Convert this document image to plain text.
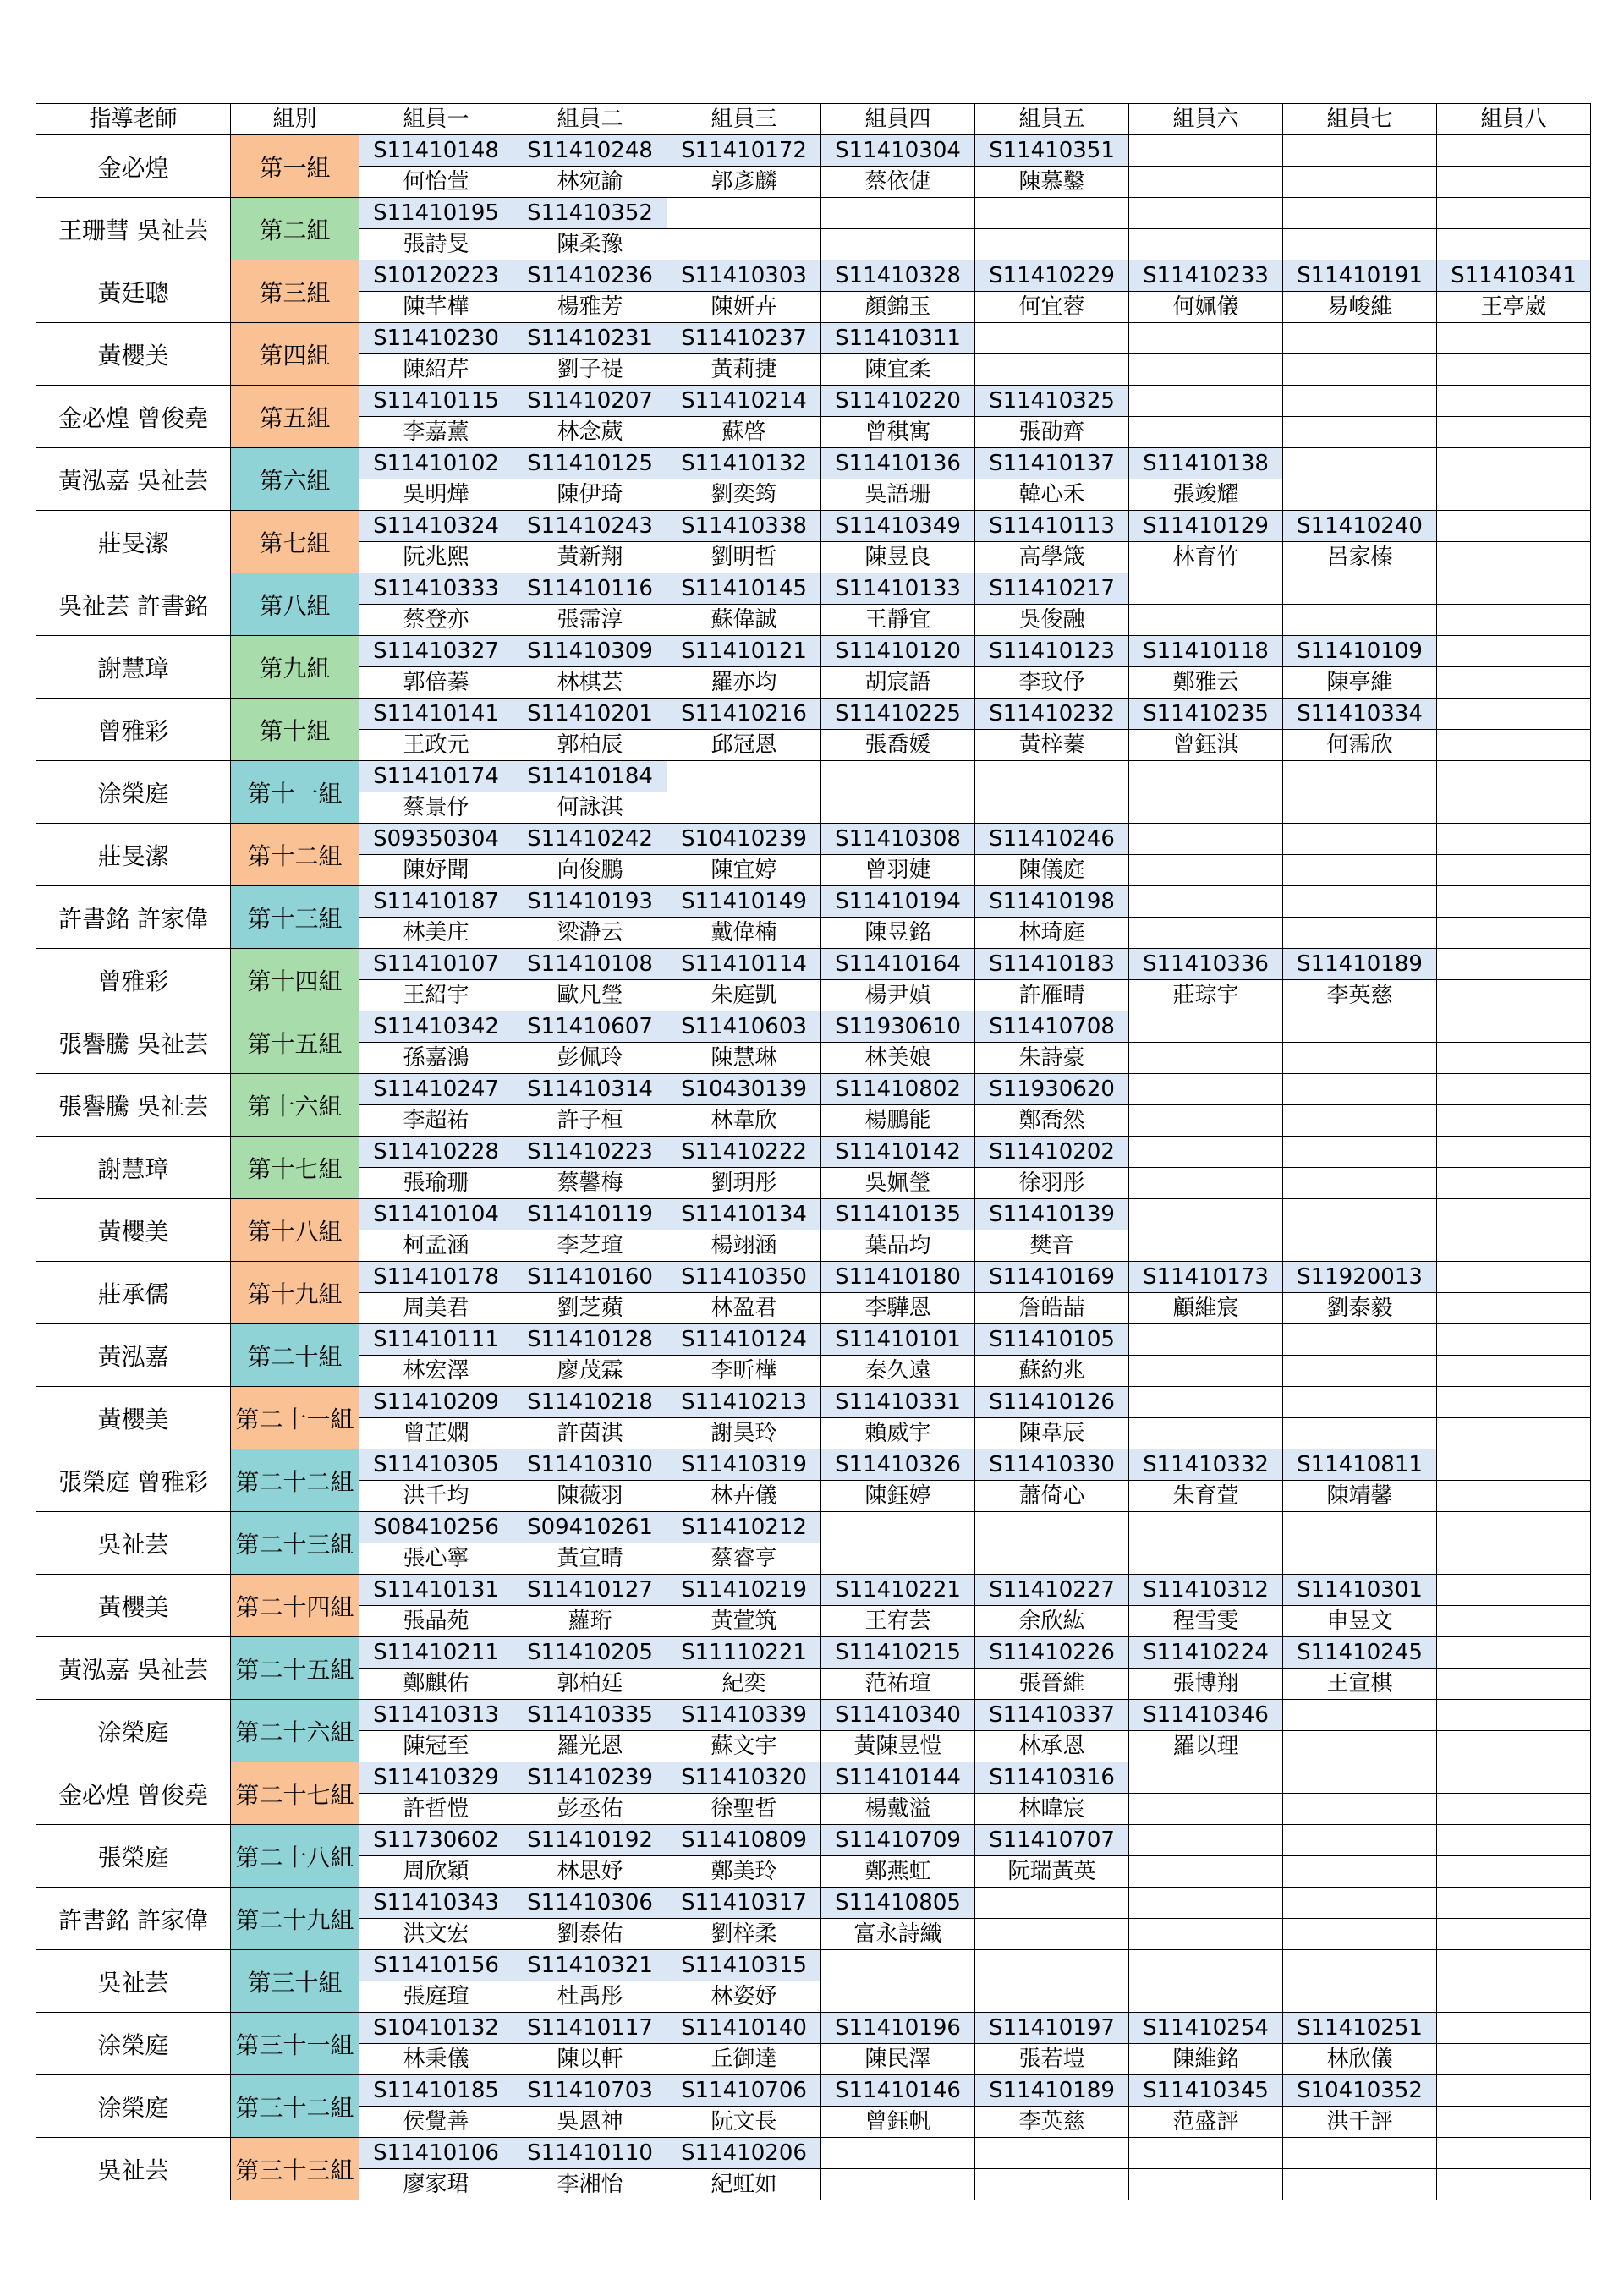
指導老師	組別	組員一	組員二	組員三	組員四	組員五	組員六	組員七	組員八
金必煌	第一組	S11410148	S11410248	S11410172	S11410304	S11410351			
		何怡萱	林宛諭	郭彥麟	蔡依倢	陳慕鑿			
王珊彗 吳祉芸	第二組	S11410195	S11410352						
		張詩旻	陳柔豫						
黃廷聰	第三組	S10120223	S11410236	S11410303	S11410328	S11410229	S11410233	S11410191	S11410341
		陳芊樺	楊雅芳	陳妍卉	顏錦玉	何宜蓉	何姵儀	易峻維	王亭崴
黃櫻美	第四組	S11410230	S11410231	S11410237	S11410311				
		陳紹芹	劉子禔	黃莉捷	陳宜柔				
金必煌 曾俊堯	第五組	S11410115	S11410207	S11410214	S11410220	S11410325			
		李嘉薰	林念葳	蘇啓	曾稘寓	張劭齊			
黃泓嘉 吳祉芸	第六組	S11410102	S11410125	S11410132	S11410136	S11410137	S11410138		
		吳明燁	陳伊琦	劉奕筠	吳語珊	韓心禾	張竣耀		
莊旻潔	第七組	S11410324	S11410243	S11410338	S11410349	S11410113	S11410129	S11410240	
		阮兆熙	黃新翔	劉明哲	陳昱良	高學箴	林育竹	呂家榛	
吳祉芸 許書銘	第八組	S11410333	S11410116	S11410145	S11410133	S11410217			
		蔡登亦	張霈淳	蘇偉誠	王靜宜	吳俊融			
謝慧璋	第九組	S11410327	S11410309	S11410121	S11410120	S11410123	S11410118	S11410109	
		郭倍蓁	林棋芸	羅亦均	胡宸語	李玟伃	鄭雅云	陳亭維	
曾雅彩	第十組	S11410141	S11410201	S11410216	S11410225	S11410232	S11410235	S11410334	
		王政元	郭柏辰	邱冠恩	張喬媛	黃梓蓁	曾鈺淇	何霈欣	
涂榮庭	第十一組	S11410174	S11410184						
		蔡景伃	何詠淇						
莊旻潔	第十二組	S09350304	S11410242	S10410239	S11410308	S11410246			
		陳妤聞	向俊鵬	陳宜婷	曾羽婕	陳儀庭			
許書銘 許家偉	第十三組	S11410187	S11410193	S11410149	S11410194	S11410198			
		林美庄	梁瀞云	戴偉楠	陳昱銘	林琦庭			
曾雅彩	第十四組	S11410107	S11410108	S11410114	S11410164	S11410183	S11410336	S11410189	
		王紹宇	歐凡瑩	朱庭凱	楊尹媜	許雁晴	莊琮宇	李英慈	
張譽騰 吳祉芸	第十五組	S11410342	S11410607	S11410603	S11930610	S11410708			
		孫嘉鴻	彭佩玲	陳慧琳	林美娘	朱詩豪			
張譽騰 吳祉芸	第十六組	S11410247	S11410314	S10430139	S11410802	S11930620			
		李超祐	許子桓	林韋欣	楊鵬能	鄭喬然			
謝慧璋	第十七組	S11410228	S11410223	S11410222	S11410142	S11410202			
		張瑜珊	蔡馨梅	劉玥彤	吳姵瑩	徐羽彤			
黃櫻美	第十八組	S11410104	S11410119	S11410134	S11410135	S11410139			
		柯孟涵	李芝瑄	楊翊涵	葉品均	樊音			
莊承儒	第十九組	S11410178	S11410160	S11410350	S11410180	S11410169	S11410173	S11920013	
		周美君	劉芝蘋	林盈君	李驊恩	詹皓喆	顧維宸	劉泰毅	
黃泓嘉	第二十組	S11410111	S11410128	S11410124	S11410101	S11410105			
		林宏澤	廖茂霖	李昕樺	秦久遠	蘇約兆			
黃櫻美	第二十一組	S11410209	S11410218	S11410213	S11410331	S11410126			
		曾芷嫻	許茵淇	謝昊玲	賴威宇	陳韋辰			
張榮庭 曾雅彩	第二十二組	S11410305	S11410310	S11410319	S11410326	S11410330	S11410332	S11410811	
		洪千均	陳薇羽	林卉儀	陳鈺婷	蕭倚心	朱育萱	陳靖馨	
吳祉芸	第二十三組	S08410256	S09410261	S11410212					
		張心寧	黃宣晴	蔡睿亨					
黃櫻美	第二十四組	S11410131	S11410127	S11410219	S11410221	S11410227	S11410312	S11410301	
		張晶苑	蘿珩	黃萱筑	王宥芸	余欣紘	程雪雯	申昱文	
黃泓嘉 吳祉芸	第二十五組	S11410211	S11410205	S11110221	S11410215	S11410226	S11410224	S11410245	
		鄭麒佑	郭柏廷	紀奕	范祐瑄	張晉維	張博翔	王宣棋	
涂榮庭	第二十六組	S11410313	S11410335	S11410339	S11410340	S11410337	S11410346		
		陳冠至	羅光恩	蘇文宇	黃陳昱愷	林承恩	羅以理		
金必煌 曾俊堯	第二十七組	S11410329	S11410239	S11410320	S11410144	S11410316			
		許哲愷	彭丞佑	徐聖哲	楊戴溢	林暐宸			
張榮庭	第二十八組	S11730602	S11410192	S11410809	S11410709	S11410707			
		周欣穎	林思妤	鄭美玲	鄭燕虹	阮瑞黃英			
許書銘 許家偉	第二十九組	S11410343	S11410306	S11410317	S11410805				
		洪文宏	劉泰佑	劉梓柔	富永詩織				
吳祉芸	第三十組	S11410156	S11410321	S11410315					
		張庭瑄	杜禹彤	林姿妤					
涂榮庭	第三十一組	S10410132	S11410117	S11410140	S11410196	S11410197	S11410254	S11410251	
		林秉儀	陳以軒	丘御達	陳民澤	張若塏	陳維銘	林欣儀	
涂榮庭	第三十二組	S11410185	S11410703	S11410706	S11410146	S11410189	S11410345	S10410352	
		侯覺善	吳恩神	阮文長	曾鈺帆	李英慈	范盛評	洪千評	
吳祉芸	第三十三組	S11410106	S11410110	S11410206					
		廖家珺	李湘怡	紀虹如					
